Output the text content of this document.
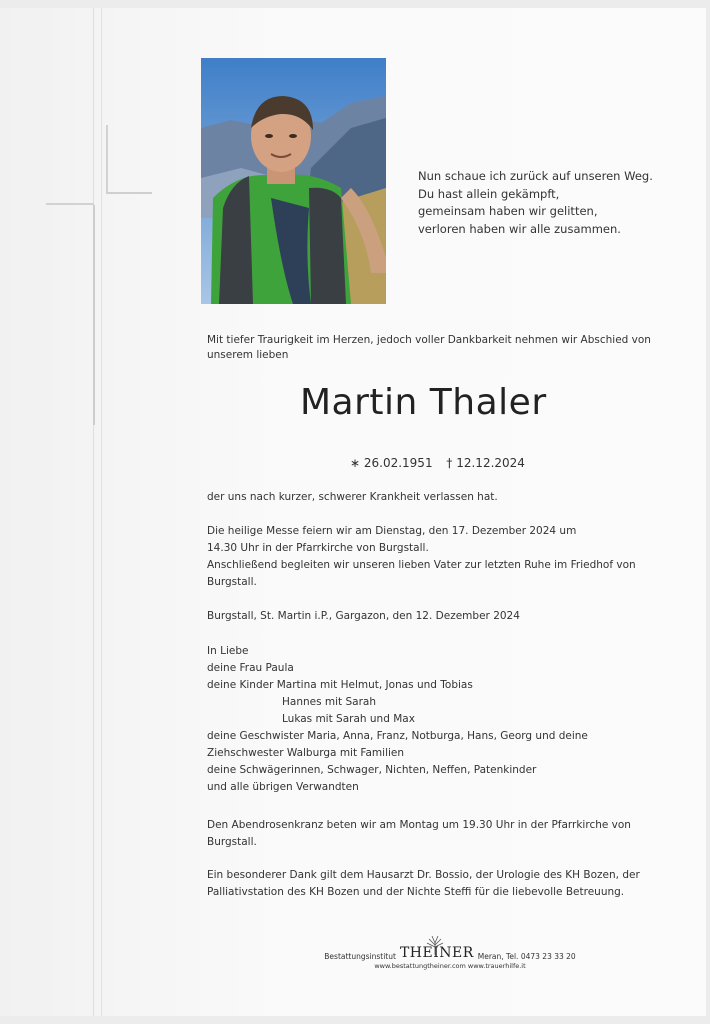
Nun schaue ich zurück auf unseren Weg.
Du hast allein gekämpft,
gemeinsam haben wir gelitten,
verloren haben wir alle zusammen.
Mit tiefer Traurigkeit im Herzen, jedoch voller Dankbarkeit nehmen wir Abschied von unserem lieben
Martin Thaler
∗ 26.02.1951 † 12.12.2024
der uns nach kurzer, schwerer Krankheit verlassen hat.
Die heilige Messe feiern wir am Dienstag, den 17. Dezember 2024 um
14.30 Uhr in der Pfarrkirche von Burgstall.
Anschließend begleiten wir unseren lieben Vater zur letzten Ruhe im Friedhof von
Burgstall.
Burgstall, St. Martin i.P., Gargazon, den 12. Dezember 2024
In Liebe
deine Frau Paula
deine Kinder Martina mit Helmut, Jonas und Tobias
Hannes mit Sarah
Lukas mit Sarah und Max
deine Geschwister Maria, Anna, Franz, Notburga, Hans, Georg und deine
Ziehschwester Walburga mit Familien
deine Schwägerinnen, Schwager, Nichten, Neffen, Patenkinder
und alle übrigen Verwandten
Den Abendrosenkranz beten wir am Montag um 19.30 Uhr in der Pfarrkirche von
Burgstall.
Ein besonderer Dank gilt dem Hausarzt Dr. Bossio, der Urologie des KH Bozen, der
Palliativstation des KH Bozen und der Nichte Steffi für die liebevolle Betreuung.
Bestattungsinstitut THEINER Meran, Tel. 0473 23 33 20
www.bestattungtheiner.com www.trauerhilfe.it
